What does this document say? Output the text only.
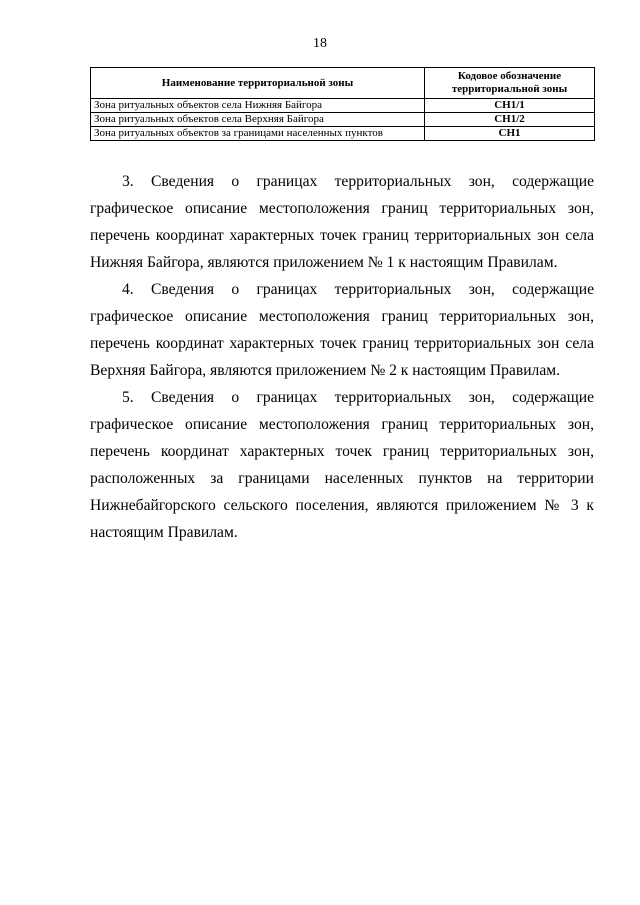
18
Наименование территориальной зоны	Кодовое обозначение территориальной зоны
Зона ритуальных объектов села Нижняя Байгора	СН1/1
Зона ритуальных объектов села Верхняя Байгора	СН1/2
Зона ритуальных объектов за границами населенных пунктов	СН1

3. Сведения о границах территориальных зон, содержащие графическое описание местоположения границ территориальных зон, перечень координат характерных точек границ территориальных зон села Нижняя Байгора, являются приложением № 1 к настоящим Правилам.

4. Сведения о границах территориальных зон, содержащие графическое описание местоположения границ территориальных зон, перечень координат характерных точек границ территориальных зон села Верхняя Байгора, являются приложением № 2 к настоящим Правилам.

5. Сведения о границах территориальных зон, содержащие графическое описание местоположения границ территориальных зон, перечень координат характерных точек границ территориальных зон, расположенных за границами населенных пунктов на территории Нижнебайгорского сельского поселения, являются приложением № 3 к настоящим Правилам.
